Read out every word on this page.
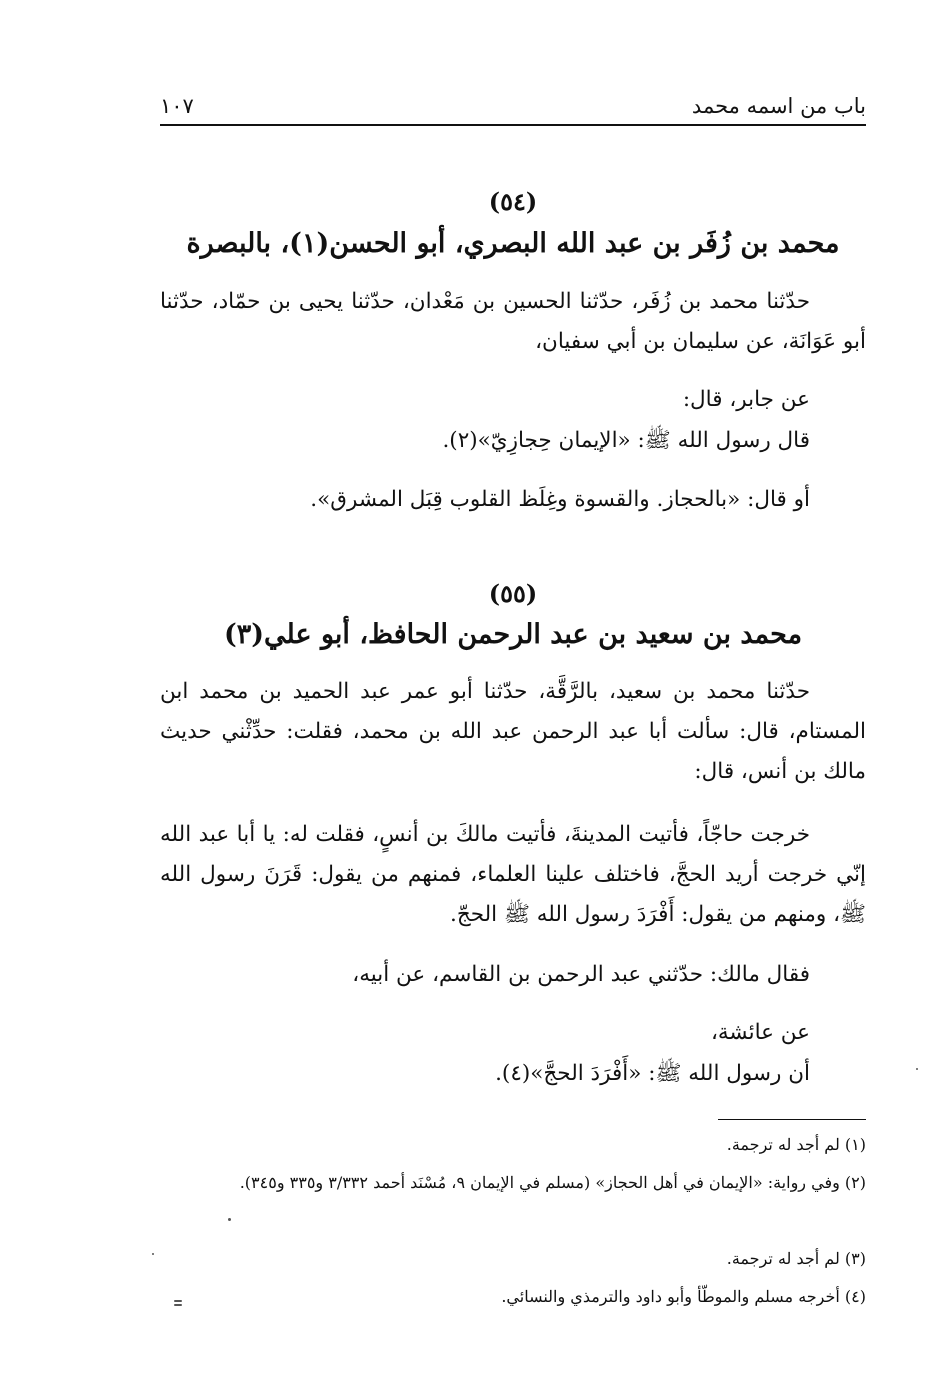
باب من اسمه محمد
١٠٧
(٥٤)
محمد بن زُفَر بن عبد الله البصري، أبو الحسن(١)، بالبصرة
حدّثنا محمد بن زُفَر، حدّثنا الحسين بن مَعْدان، حدّثنا يحيى بن حمّاد، حدّثنا أبو عَوَانَة، عن سليمان بن أبي سفيان،
عن جابر، قال:
قال رسول الله ﷺ: «الإيمان حِجازِيّ»(٢).
أو قال: «بالحجاز. والقسوة وغِلَظ القلوب قِبَل المشرق».
(٥٥)
محمد بن سعيد بن عبد الرحمن الحافظ، أبو علي(٣)
حدّثنا محمد بن سعيد، بالرَّقَّة، حدّثنا أبو عمر عبد الحميد بن محمد ابن المستام، قال: سألت أبا عبد الرحمن عبد الله بن محمد، فقلت: حدِّثْني حديث مالك بن أنس، قال:
خرجت حاجّاً، فأتيت المدينةَ، فأتيت مالكَ بن أنسٍ، فقلت له: يا أبا عبد الله إنّي خرجت أريد الحجَّ، فاختلف علينا العلماء، فمنهم من يقول: قَرَنَ رسول الله ﷺ، ومنهم من يقول: أَفْرَدَ رسول الله ﷺ الحجّ.
فقال مالك: حدّثني عبد الرحمن بن القاسم، عن أبيه،
عن عائشة،
أن رسول الله ﷺ: «أَفْرَدَ الحجَّ»(٤).
(١) لم أجد له ترجمة.
(٢) وفي رواية: «الإيمان في أهل الحجاز» (مسلم في الإيمان ٩، مُسْنَد أحمد ٣/٣٣٢ و٣٣٥ و٣٤٥).
(٣) لم أجد له ترجمة.
(٤) أخرجه مسلم والموطّأ وأبو داود والترمذي والنسائي.
